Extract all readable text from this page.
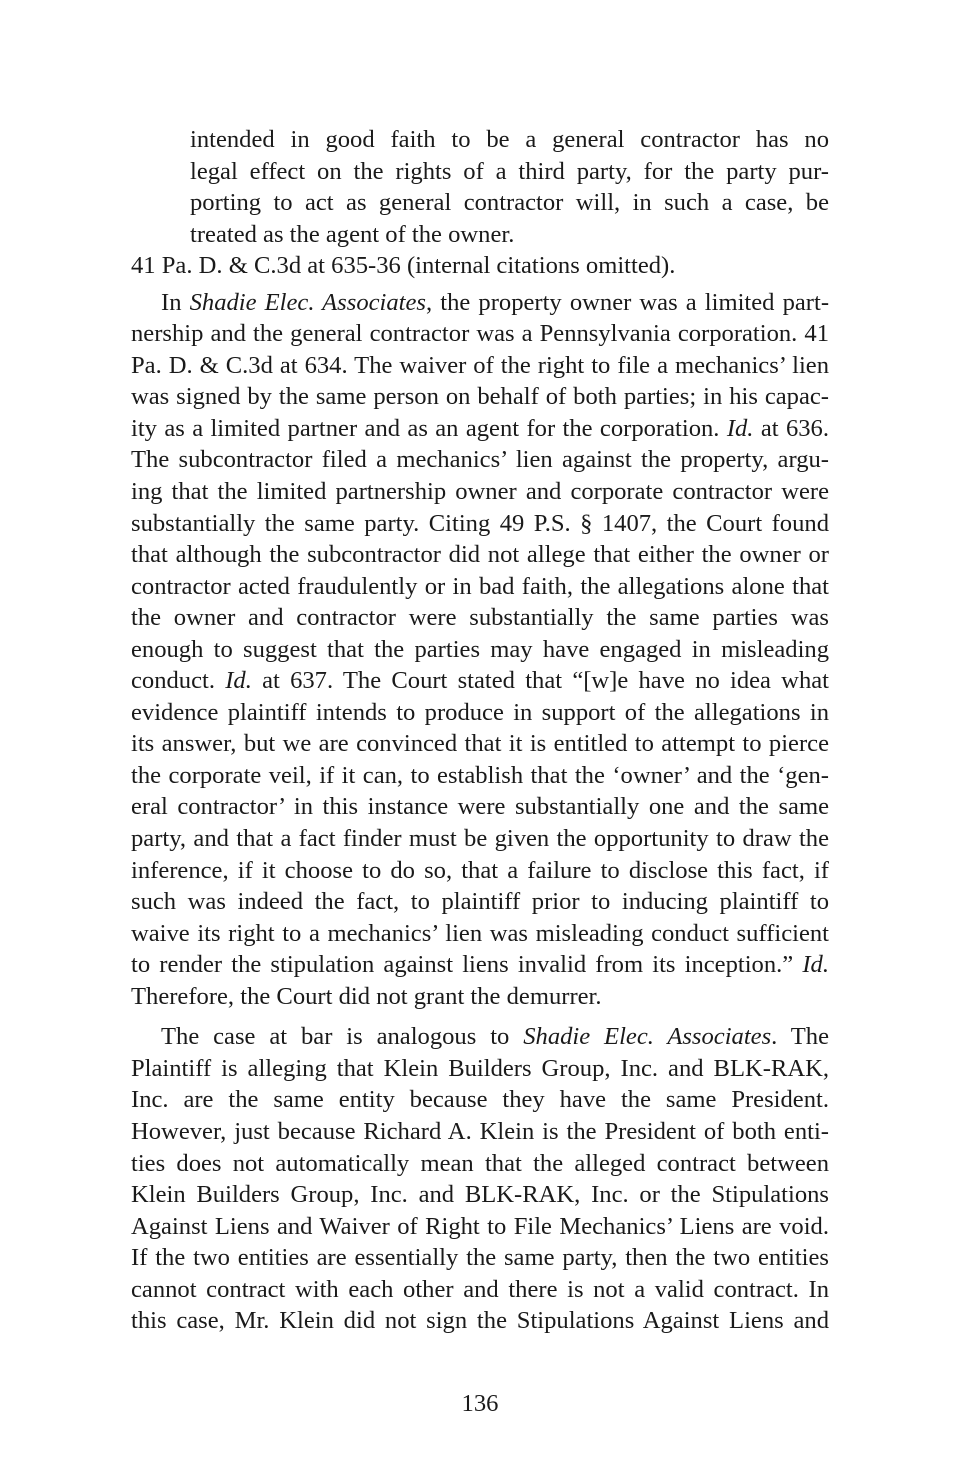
intended in good faith to be a general contractor has no
legal effect on the rights of a third party, for the party pur-
porting to act as general contractor will, in such a case, be
treated as the agent of the owner.
41 Pa. D. & C.3d at 635-36 (internal citations omitted).
In Shadie Elec. Associates, the property owner was a limited part-
nership and the general contractor was a Pennsylvania corporation. 41
Pa. D. & C.3d at 634. The waiver of the right to file a mechanics’ lien
was signed by the same person on behalf of both parties; in his capac-
ity as a limited partner and as an agent for the corporation. Id. at 636.
The subcontractor filed a mechanics’ lien against the property, argu-
ing that the limited partnership owner and corporate contractor were
substantially the same party. Citing 49 P.S. § 1407, the Court found
that although the subcontractor did not allege that either the owner or
contractor acted fraudulently or in bad faith, the allegations alone that
the owner and contractor were substantially the same parties was
enough to suggest that the parties may have engaged in misleading
conduct. Id. at 637. The Court stated that “[w]e have no idea what
evidence plaintiff intends to produce in support of the allegations in
its answer, but we are convinced that it is entitled to attempt to pierce
the corporate veil, if it can, to establish that the ‘owner’ and the ‘gen-
eral contractor’ in this instance were substantially one and the same
party, and that a fact finder must be given the opportunity to draw the
inference, if it choose to do so, that a failure to disclose this fact, if
such was indeed the fact, to plaintiff prior to inducing plaintiff to
waive its right to a mechanics’ lien was misleading conduct sufficient
to render the stipulation against liens invalid from its inception.” Id.
Therefore, the Court did not grant the demurrer.
The case at bar is analogous to Shadie Elec. Associates. The
Plaintiff is alleging that Klein Builders Group, Inc. and BLK-RAK,
Inc. are the same entity because they have the same President.
However, just because Richard A. Klein is the President of both enti-
ties does not automatically mean that the alleged contract between
Klein Builders Group, Inc. and BLK-RAK, Inc. or the Stipulations
Against Liens and Waiver of Right to File Mechanics’ Liens are void.
If the two entities are essentially the same party, then the two entities
cannot contract with each other and there is not a valid contract. In
this case, Mr. Klein did not sign the Stipulations Against Liens and
136
